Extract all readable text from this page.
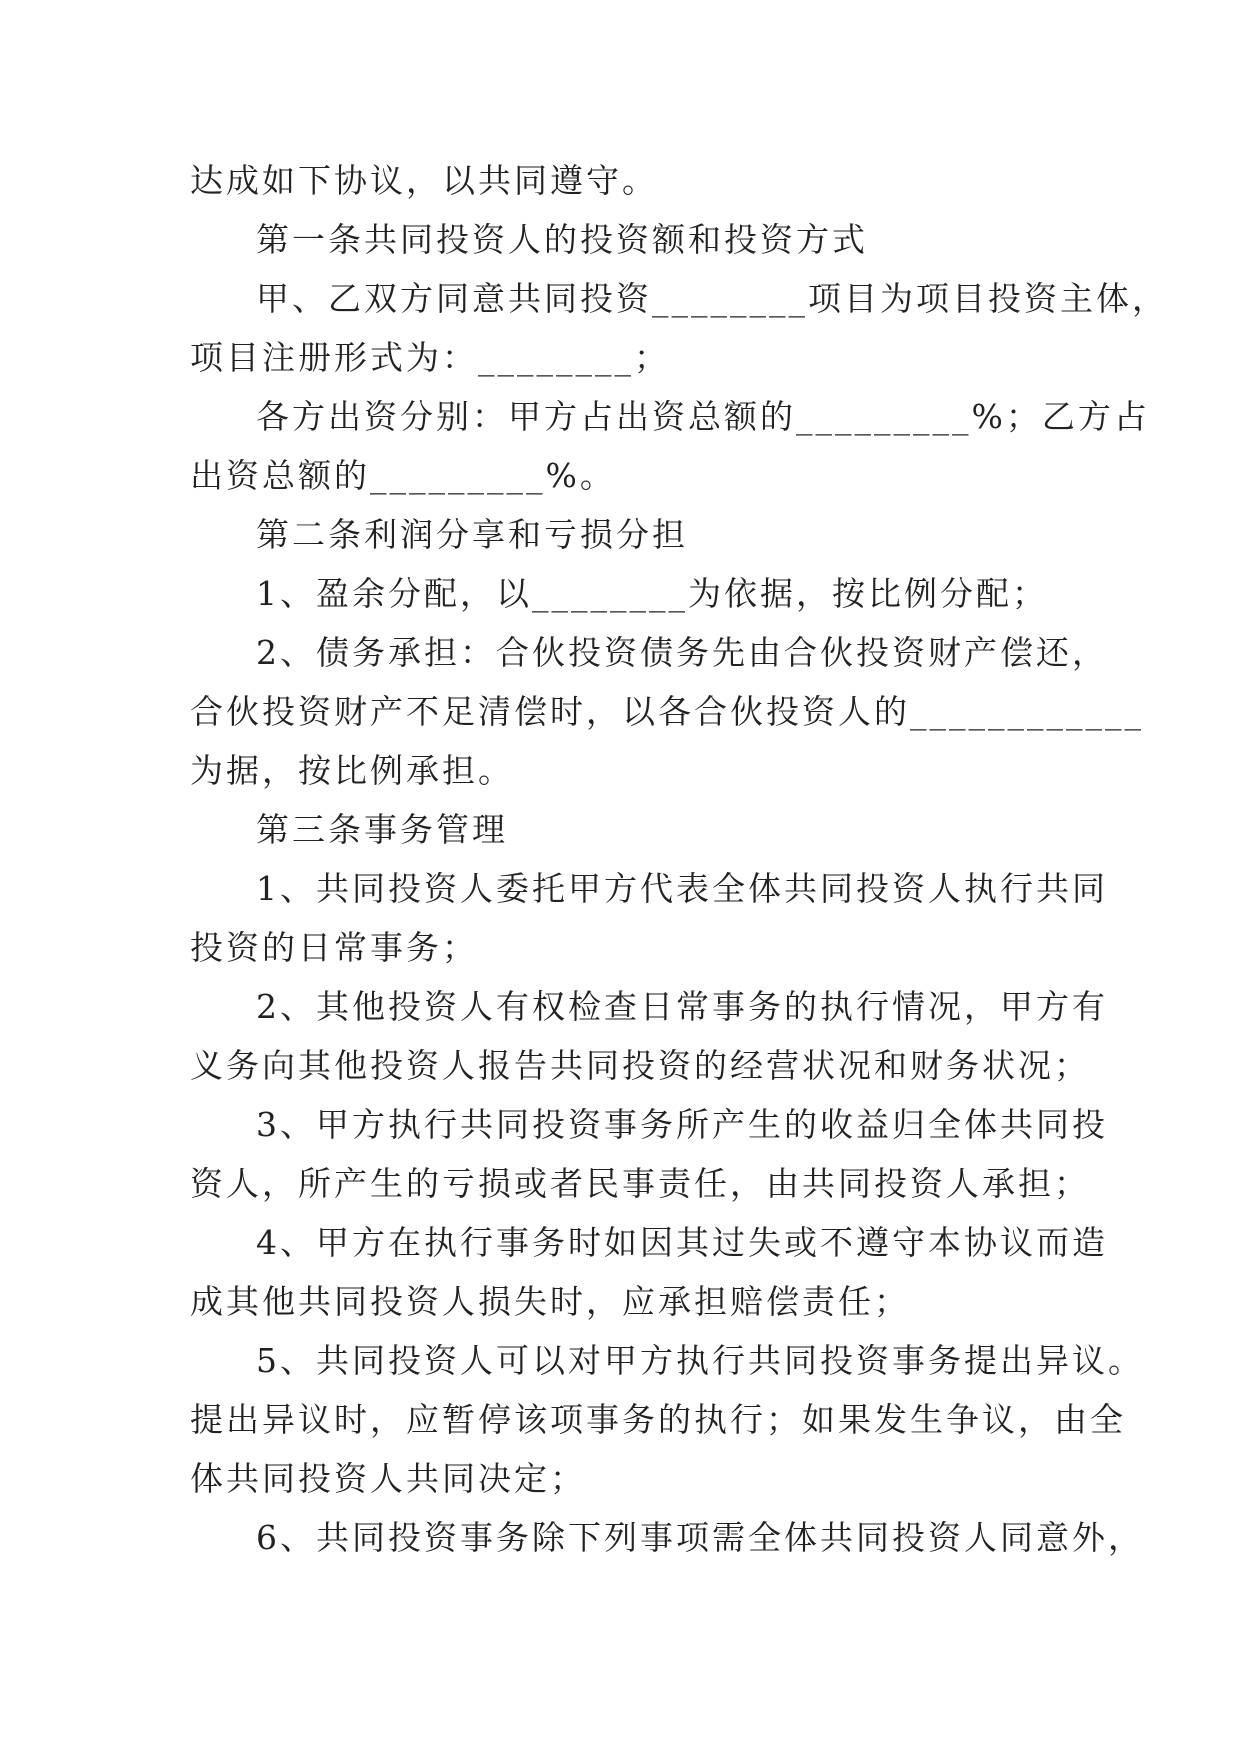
达成如下协议，以共同遵守。

第一条共同投资人的投资额和投资方式

甲、乙双方同意共同投资________项目为项目投资主体，

项目注册形式为：________；

各方出资分别：甲方占出资总额的_________%；乙方占

出资总额的_________%。

第二条利润分享和亏损分担

1、盈余分配，以________为依据，按比例分配；

2、债务承担：合伙投资债务先由合伙投资财产偿还，

合伙投资财产不足清偿时，以各合伙投资人的____________

为据，按比例承担。

第三条事务管理

1、共同投资人委托甲方代表全体共同投资人执行共同

投资的日常事务；

2、其他投资人有权检查日常事务的执行情况，甲方有

义务向其他投资人报告共同投资的经营状况和财务状况；

3、甲方执行共同投资事务所产生的收益归全体共同投

资人，所产生的亏损或者民事责任，由共同投资人承担；

4、甲方在执行事务时如因其过失或不遵守本协议而造

成其他共同投资人损失时，应承担赔偿责任；

5、共同投资人可以对甲方执行共同投资事务提出异议。

提出异议时，应暂停该项事务的执行；如果发生争议，由全

体共同投资人共同决定；

6、共同投资事务除下列事项需全体共同投资人同意外，
